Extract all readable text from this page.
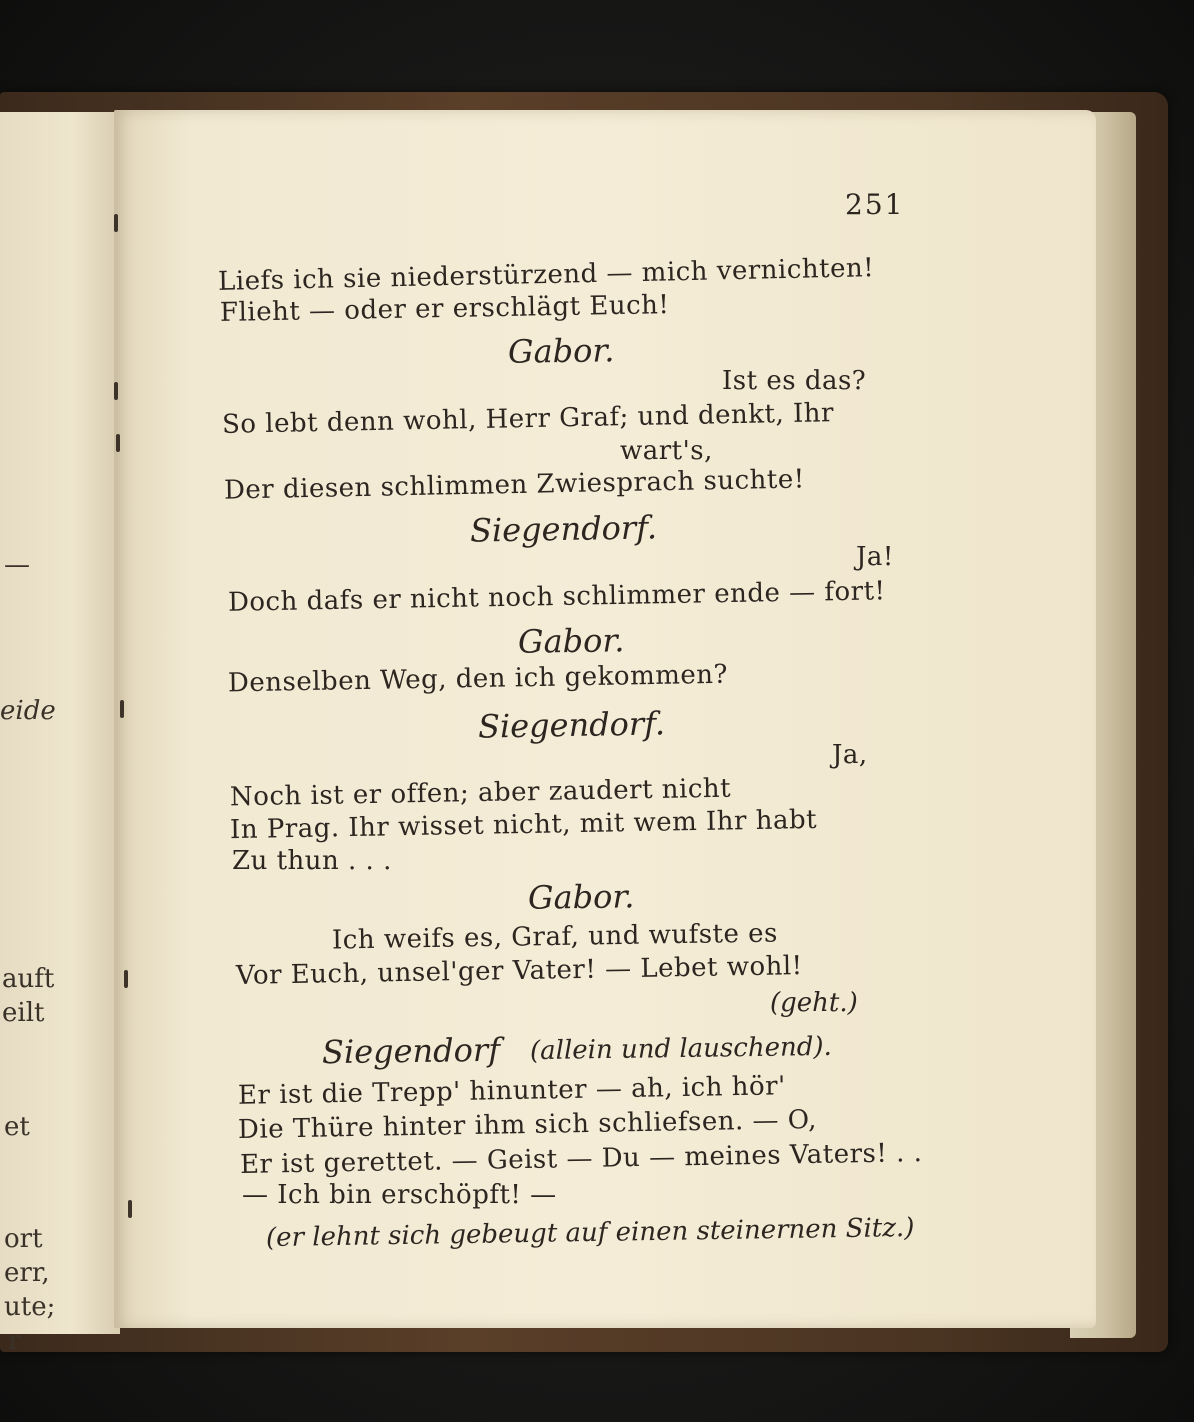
—
eide
auft
eilt
et
ort
err,
ute;
r
251
Liefs ich sie niederstürzend — mich vernichten!
Flieht — oder er erschlägt Euch!
Gabor.
Ist es das?
So lebt denn wohl, Herr Graf; und denkt, Ihr
wart's,
Der diesen schlimmen Zwiesprach suchte!
Siegendorf.
Ja!
Doch dafs er nicht noch schlimmer ende — fort!
Gabor.
Denselben Weg, den ich gekommen?
Siegendorf.
Ja,
Noch ist er offen; aber zaudert nicht
In Prag. Ihr wisset nicht, mit wem Ihr habt
Zu thun . . .
Gabor.
Ich weifs es, Graf, und wufste es
Vor Euch, unsel'ger Vater! — Lebet wohl!
(geht.)
Siegendorf (allein und lauschend).
Er ist die Trepp' hinunter — ah, ich hör'
Die Thüre hinter ihm sich schliefsen. — O,
Er ist gerettet. — Geist — Du — meines Vaters! . .
— Ich bin erschöpft! —
(er lehnt sich gebeugt auf einen steinernen Sitz.)
